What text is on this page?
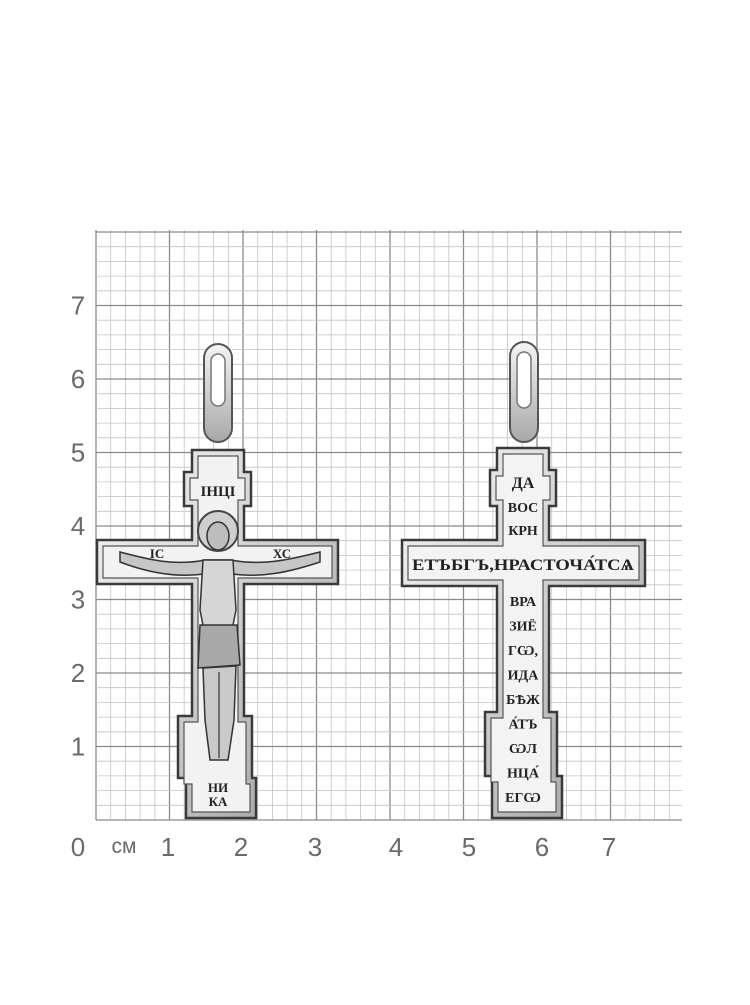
ІНЦІ
ІС	ХС
НИ
КА
ДА
ВОС
КРН
ЕТЪБГЪ,НРАСТОЧА́ТСѦ
ВРА
ЗИЁ
ГѠ,
ИДА
БѢЖ
А́ТЪ
ѠЛ
НЦА́
ЕГѠ
0 см 1 2 3	4 5 6 7
1
2
3
4
5
6
7
